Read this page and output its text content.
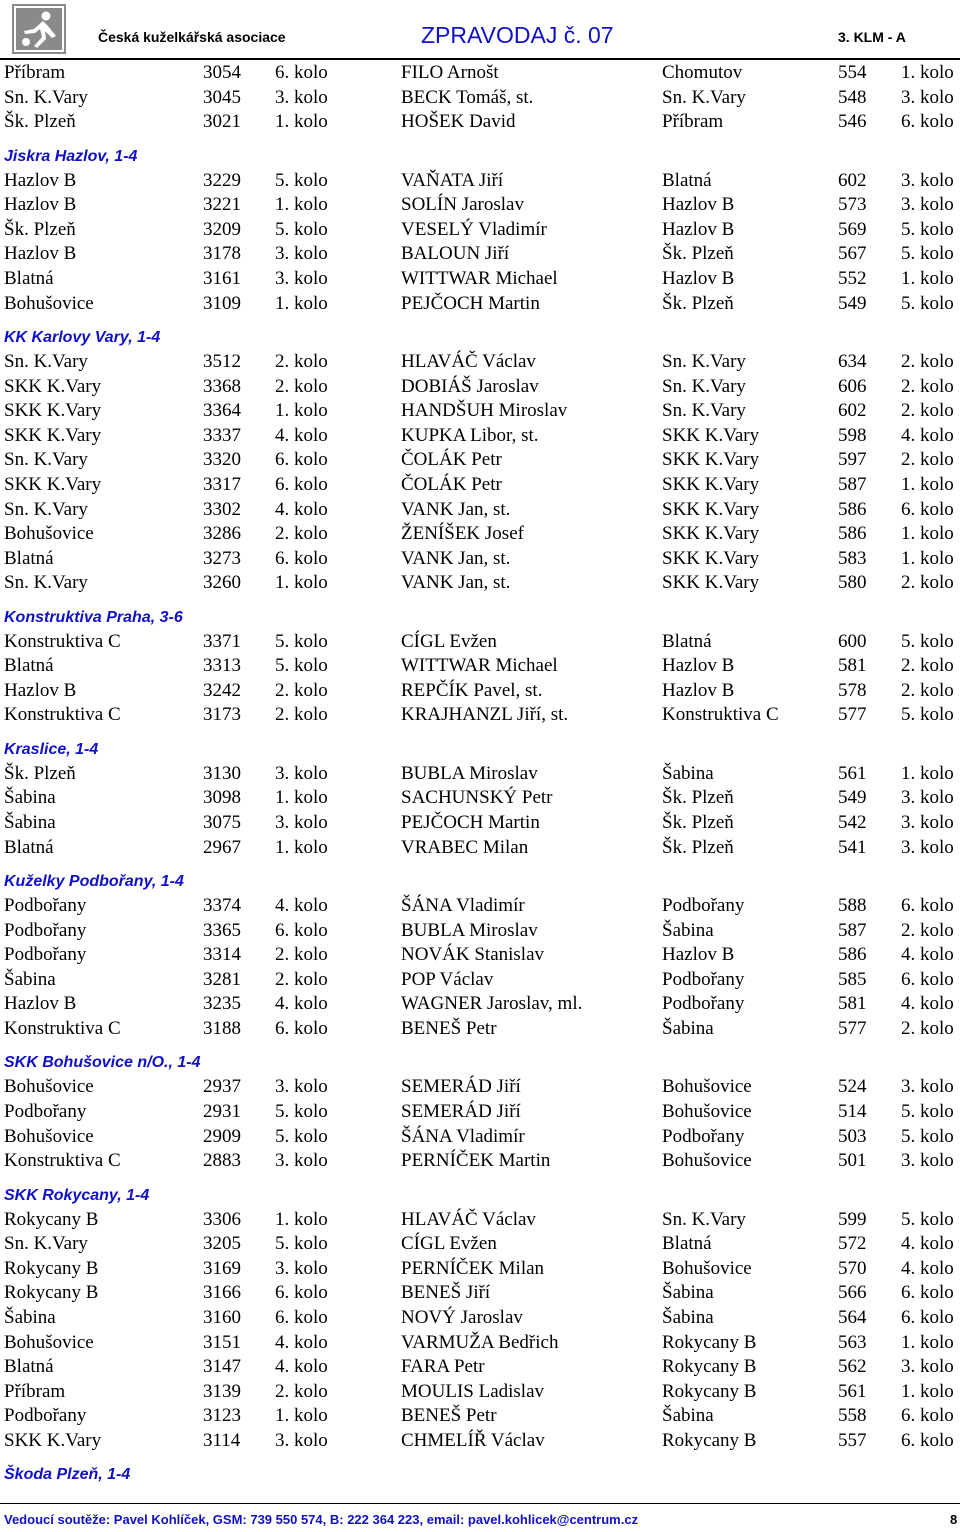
Česká kuželkářská asociace	ZPRAVODAJ č. 07	3. KLM - A
Příbram	3054 6. kolo	FILO Arnošt	Chomutov	554 1. kolo
Sn. K.Vary	3045 3. kolo	BECK Tomáš, st.	Sn. K.Vary	548 3. kolo
Šk. Plzeň	3021 1. kolo	HOŠEK David	Příbram	546 6. kolo
Jiskra Hazlov, 1-4
Hazlov B	3229 5. kolo	VAŇATA Jiří	Blatná	602 3. kolo
Hazlov B	3221 1. kolo	SOLÍN Jaroslav	Hazlov B	573 3. kolo
Šk. Plzeň	3209 5. kolo	VESELÝ Vladimír	Hazlov B	569 5. kolo
Hazlov B	3178 3. kolo	BALOUN Jiří	Šk. Plzeň	567 5. kolo
Blatná	3161 3. kolo	WITTWAR Michael	Hazlov B	552 1. kolo
Bohušovice	3109 1. kolo	PEJČOCH Martin	Šk. Plzeň	549 5. kolo
KK Karlovy Vary, 1-4
Sn. K.Vary	3512 2. kolo	HLAVÁČ Václav	Sn. K.Vary	634 2. kolo
SKK K.Vary	3368 2. kolo	DOBIÁŠ Jaroslav	Sn. K.Vary	606 2. kolo
SKK K.Vary	3364 1. kolo	HANDŠUH Miroslav	Sn. K.Vary	602 2. kolo
SKK K.Vary	3337 4. kolo	KUPKA Libor, st.	SKK K.Vary	598 4. kolo
Sn. K.Vary	3320 6. kolo	ČOLÁK Petr	SKK K.Vary	597 2. kolo
SKK K.Vary	3317 6. kolo	ČOLÁK Petr	SKK K.Vary	587 1. kolo
Sn. K.Vary	3302 4. kolo	VANK Jan, st.	SKK K.Vary	586 6. kolo
Bohušovice	3286 2. kolo	ŽENÍŠEK Josef	SKK K.Vary	586 1. kolo
Blatná	3273 6. kolo	VANK Jan, st.	SKK K.Vary	583 1. kolo
Sn. K.Vary	3260 1. kolo	VANK Jan, st.	SKK K.Vary	580 2. kolo
Konstruktiva Praha, 3-6
Konstruktiva C	3371 5. kolo	CÍGL Evžen	Blatná	600 5. kolo
Blatná	3313 5. kolo	WITTWAR Michael	Hazlov B	581 2. kolo
Hazlov B	3242 2. kolo	REPČÍK Pavel, st.	Hazlov B	578 2. kolo
Konstruktiva C	3173 2. kolo	KRAJHANZL Jiří, st.	Konstruktiva C	577 5. kolo
Kraslice, 1-4
Šk. Plzeň	3130 3. kolo	BUBLA Miroslav	Šabina	561 1. kolo
Šabina	3098 1. kolo	SACHUNSKÝ Petr	Šk. Plzeň	549 3. kolo
Šabina	3075 3. kolo	PEJČOCH Martin	Šk. Plzeň	542 3. kolo
Blatná	2967 1. kolo	VRABEC Milan	Šk. Plzeň	541 3. kolo
Kuželky Podbořany, 1-4
Podbořany	3374 4. kolo	ŠÁNA Vladimír	Podbořany	588 6. kolo
Podbořany	3365 6. kolo	BUBLA Miroslav	Šabina	587 2. kolo
Podbořany	3314 2. kolo	NOVÁK Stanislav	Hazlov B	586 4. kolo
Šabina	3281 2. kolo	POP Václav	Podbořany	585 6. kolo
Hazlov B	3235 4. kolo	WAGNER Jaroslav, ml.	Podbořany	581 4. kolo
Konstruktiva C	3188 6. kolo	BENEŠ Petr	Šabina	577 2. kolo
SKK Bohušovice n/O., 1-4
Bohušovice	2937 3. kolo	SEMERÁD Jiří	Bohušovice	524 3. kolo
Podbořany	2931 5. kolo	SEMERÁD Jiří	Bohušovice	514 5. kolo
Bohušovice	2909 5. kolo	ŠÁNA Vladimír	Podbořany	503 5. kolo
Konstruktiva C	2883 3. kolo	PERNÍČEK Martin	Bohušovice	501 3. kolo
SKK Rokycany, 1-4
Rokycany B	3306 1. kolo	HLAVÁČ Václav	Sn. K.Vary	599 5. kolo
Sn. K.Vary	3205 5. kolo	CÍGL Evžen	Blatná	572 4. kolo
Rokycany B	3169 3. kolo	PERNÍČEK Milan	Bohušovice	570 4. kolo
Rokycany B	3166 6. kolo	BENEŠ Jiří	Šabina	566 6. kolo
Šabina	3160 6. kolo	NOVÝ Jaroslav	Šabina	564 6. kolo
Bohušovice	3151 4. kolo	VARMUŽA Bedřich	Rokycany B	563 1. kolo
Blatná	3147 4. kolo	FARA Petr	Rokycany B	562 3. kolo
Příbram	3139 2. kolo	MOULIS Ladislav	Rokycany B	561 1. kolo
Podbořany	3123 1. kolo	BENEŠ Petr	Šabina	558 6. kolo
SKK K.Vary	3114 3. kolo	CHMELÍŘ Václav	Rokycany B	557 6. kolo
Škoda Plzeň, 1-4
Vedoucí soutěže: Pavel Kohlíček, GSM: 739 550 574, B: 222 364 223, email: pavel.kohlicek@centrum.cz	8
